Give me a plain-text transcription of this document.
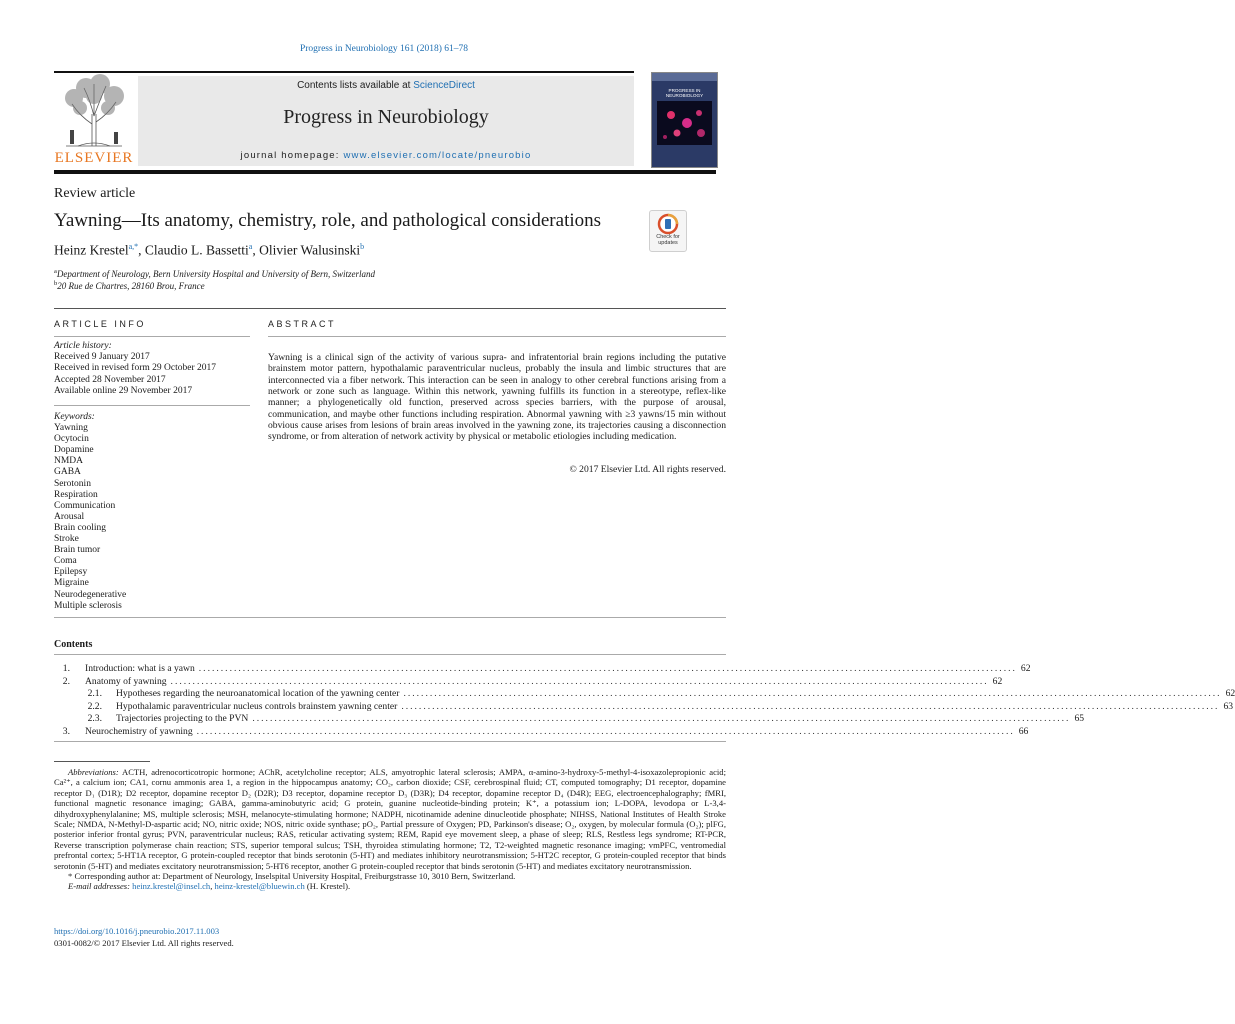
Progress in Neurobiology 161 (2018) 61–78
ELSEVIER
Contents lists available at ScienceDirect
Progress in Neurobiology
journal homepage: www.elsevier.com/locate/pneurobio
PROGRESS IN NEUROBIOLOGY
Review article
Yawning—Its anatomy, chemistry, role, and pathological considerations
Check for updates
Heinz Krestel$^{a,*}$, Claudio L. Bassetti$^a$, Olivier Walusinski$^b$
$^a$Department of Neurology, Bern University Hospital and University of Bern, Switzerland
$^b$20 Rue de Chartres, 28160 Brou, France
ARTICLE INFO	ABSTRACT
Article history:
Received 9 January 2017
Received in revised form 29 October 2017
Accepted 28 November 2017
Available online 29 November 2017
Keywords:
Yawning
Ocytocin
Dopamine
NMDA
GABA
Serotonin
Respiration
Communication
Arousal
Brain cooling
Stroke
Brain tumor
Coma
Epilepsy
Migraine
Neurodegenerative
Multiple sclerosis
Yawning is a clinical sign of the activity of various supra- and infratentorial brain regions including the putative brainstem motor pattern, hypothalamic paraventricular nucleus, probably the insula and limbic structures that are interconnected via a fiber network. This interaction can be seen in analogy to other cerebral functions arising from a network or zone such as language. Within this network, yawning fulfills its function in a stereotype, reflex-like manner; a phylogenetically old function, preserved across species barriers, with the purpose of arousal, communication, and maybe other functions including respiration. Abnormal yawning with ≥3 yawns/15 min without obvious cause arises from lesions of brain areas involved in the yawning zone, its trajectories causing a disconnection syndrome, or from alteration of network activity by physical or metabolic etiologies including medication.
© 2017 Elsevier Ltd. All rights reserved.
Contents
1. Introduction: what is a yawn .......................................................................................................................................................................................... 62
2. Anatomy of yawning .......................................................................................................................................................................................... 62
2.1. Hypotheses regarding the neuroanatomical location of the yawning center .......................................................................................................................................................................................... 62
2.2. Hypothalamic paraventricular nucleus controls brainstem yawning center .......................................................................................................................................................................................... 63
2.3. Trajectories projecting to the PVN .......................................................................................................................................................................................... 65
3. Neurochemistry of yawning .......................................................................................................................................................................................... 66

Abbreviations: ACTH, adrenocorticotropic hormone; AChR, acetylcholine receptor; ALS, amyotrophic lateral sclerosis; AMPA, α-amino-3-hydroxy-5-methyl-4-isoxazolepropionic acid; Ca²⁺, a calcium ion; CA1, cornu ammonis area 1, a region in the hippocampus anatomy; CO₂, carbon dioxide; CSF, cerebrospinal fluid; CT, computed tomography; D1 receptor, dopamine receptor D₁ (D1R); D2 receptor, dopamine receptor D₂ (D2R); D3 receptor, dopamine receptor D₃ (D3R); D4 receptor, dopamine receptor D₄ (D4R); EEG, electroencephalography; fMRI, functional magnetic resonance imaging; GABA, gamma-aminobutyric acid; G protein, guanine nucleotide-binding protein; K⁺, a potassium ion; L-DOPA, levodopa or L-3,4-dihydroxyphenylalanine; MS, multiple sclerosis; MSH, melanocyte-stimulating hormone; NADPH, nicotinamide adenine dinucleotide phosphate; NIHSS, National Institutes of Health Stroke Scale; NMDA, N-Methyl-D-aspartic acid; NO, nitric oxide; NOS, nitric oxide synthase; pO₂, Partial pressure of Oxygen; PD, Parkinson's disease; O₂, oxygen, by molecular formula (O₂); plFG, posterior inferior frontal gyrus; PVN, paraventricular nucleus; RAS, reticular activating system; REM, Rapid eye movement sleep, a phase of sleep; RLS, Restless legs syndrome; RT-PCR, Reverse transcription polymerase chain reaction; STS, superior temporal sulcus; TSH, thyroidea stimulating hormone; T2, T2-weighted magnetic resonance imaging; vmPFC, ventromedial prefrontal cortex; 5-HT1A receptor, G protein-coupled receptor that binds serotonin (5-HT) and mediates inhibitory neurotransmission; 5-HT2C receptor, G protein-coupled receptor that binds serotonin (5-HT) and mediates excitatory neurotransmission; 5-HT6 receptor, another G protein-coupled receptor that binds serotonin (5-HT) and mediates excitatory neurotransmission.

* Corresponding author at: Department of Neurology, Inselspital University Hospital, Freiburgstrasse 10, 3010 Bern, Switzerland.

E-mail addresses: heinz.krestel@insel.ch, heinz-krestel@bluewin.ch (H. Krestel).

https://doi.org/10.1016/j.pneurobio.2017.11.003
0301-0082/© 2017 Elsevier Ltd. All rights reserved.
